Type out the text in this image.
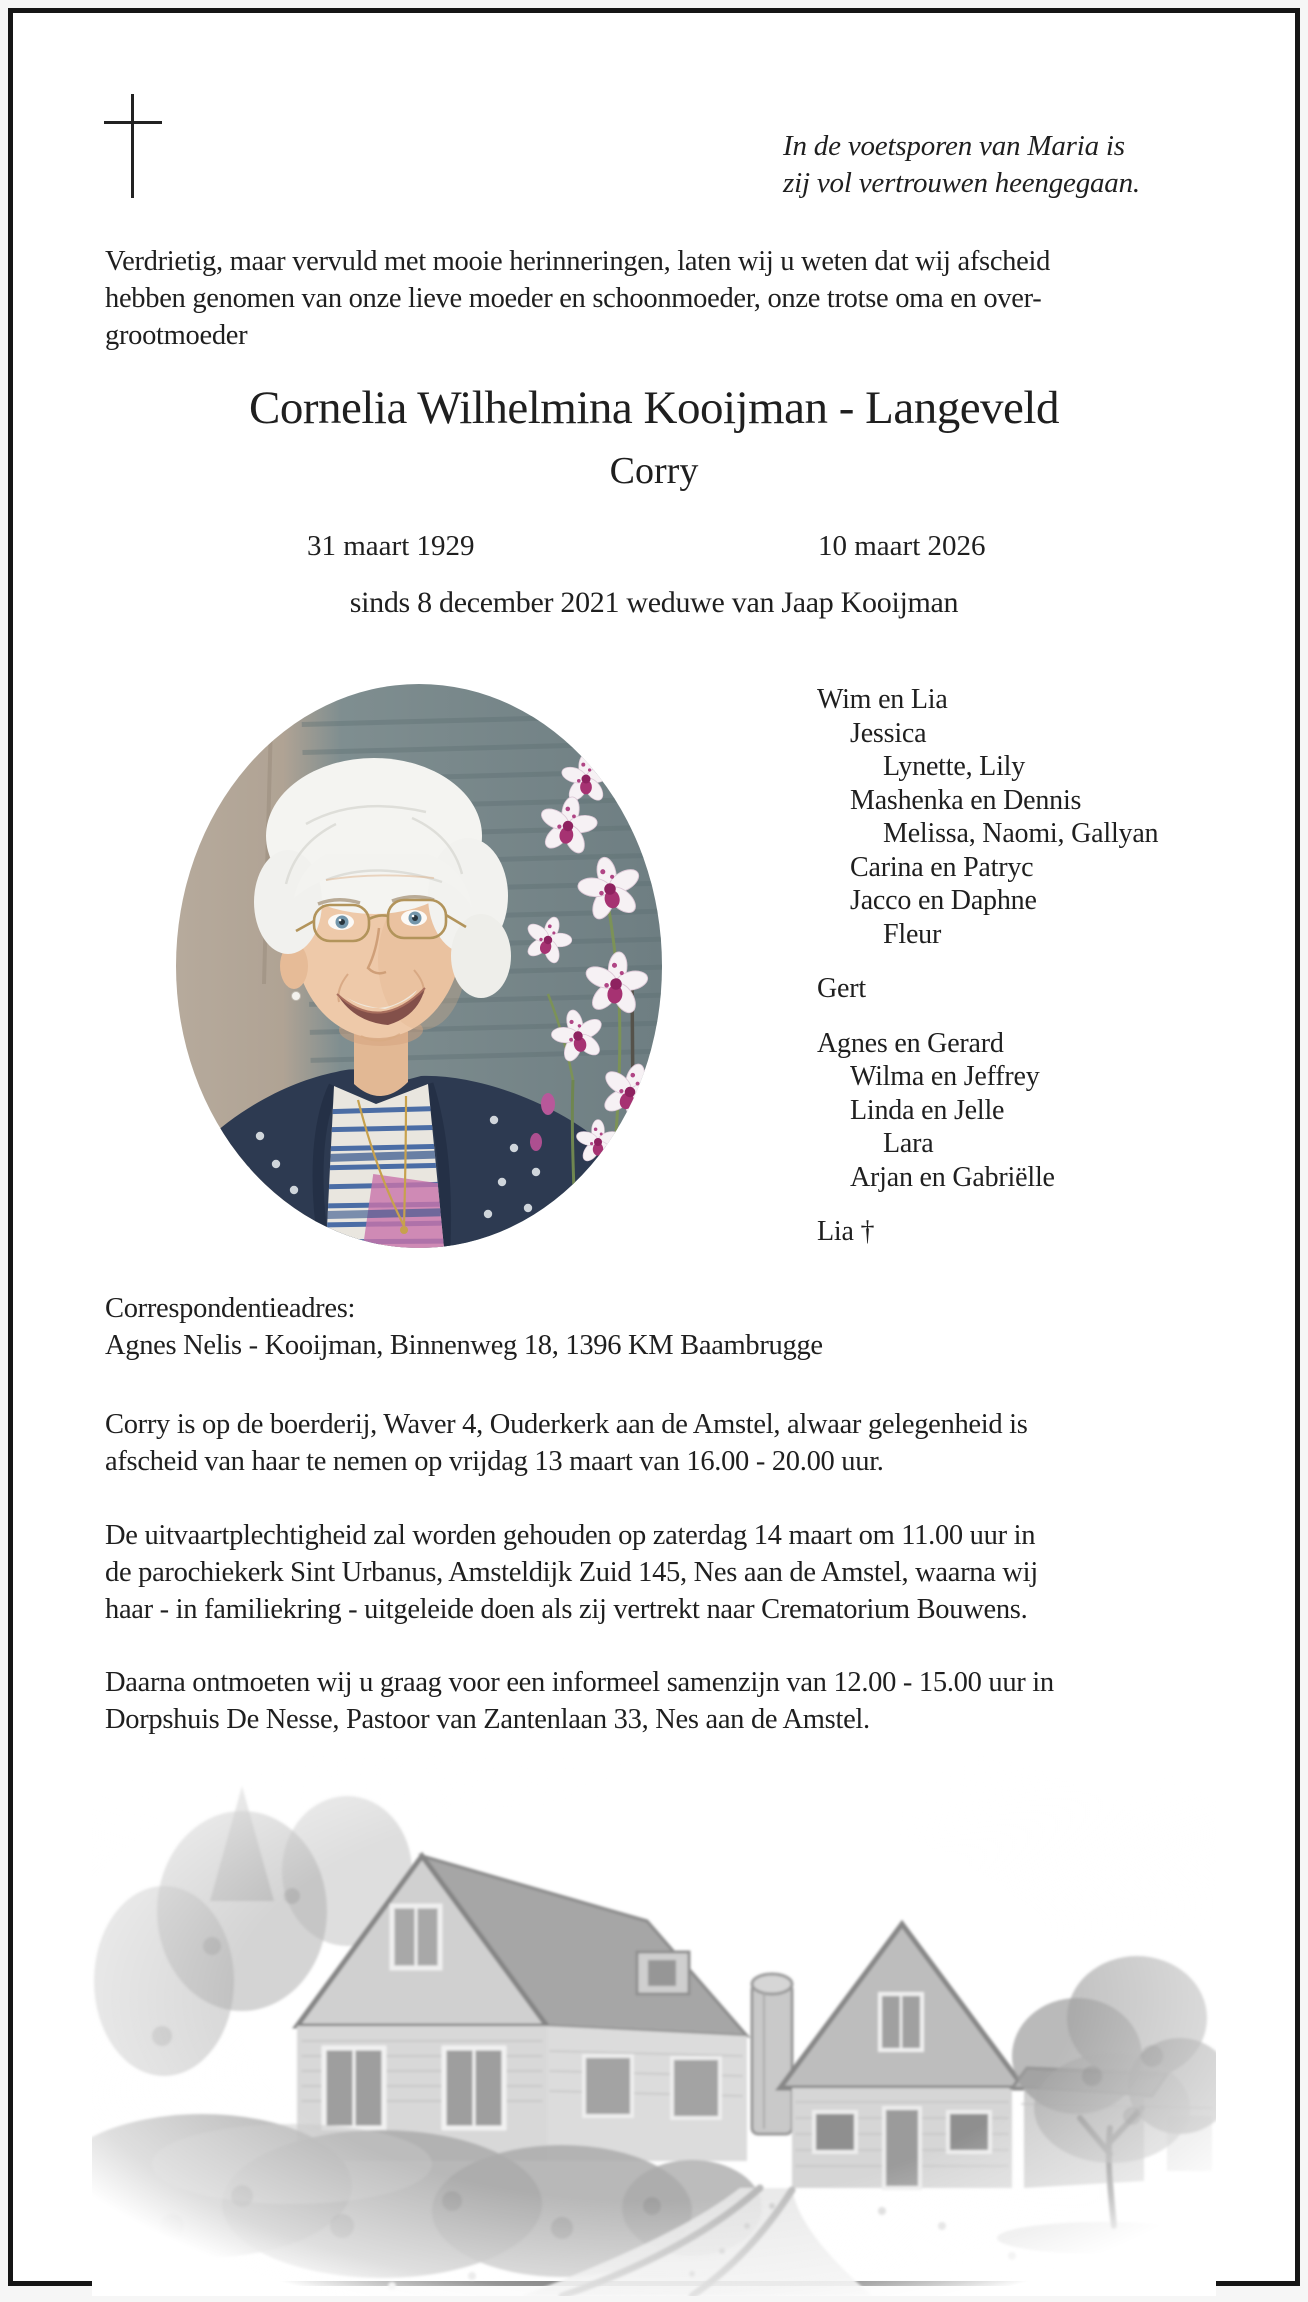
In de voetsporen van Maria is
zij vol vertrouwen heengegaan.
Verdrietig, maar vervuld met mooie herinneringen, laten wij u weten dat wij afscheid
hebben genomen van onze lieve moeder en schoonmoeder, onze trotse oma en over-
grootmoeder
Cornelia Wilhelmina Kooijman - Langeveld
Corry
31 maart 1929	10 maart 2026
sinds 8 december 2021 weduwe van Jaap Kooijman
Wim en Lia
Jessica
Lynette, Lily
Mashenka en Dennis
Melissa, Naomi, Gallyan
Carina en Patryc
Jacco en Daphne
Fleur
Gert
Agnes en Gerard
Wilma en Jeffrey
Linda en Jelle
Lara
Arjan en Gabriëlle
Lia †
Correspondentieadres:
Agnes Nelis - Kooijman, Binnenweg 18, 1396 KM Baambrugge
Corry is op de boerderij, Waver 4, Ouderkerk aan de Amstel, alwaar gelegenheid is
afscheid van haar te nemen op vrijdag 13 maart van 16.00 - 20.00 uur.
De uitvaartplechtigheid zal worden gehouden op zaterdag 14 maart om 11.00 uur in
de parochiekerk Sint Urbanus, Amsteldijk Zuid 145, Nes aan de Amstel, waarna wij
haar - in familiekring - uitgeleide doen als zij vertrekt naar Crematorium Bouwens.
Daarna ontmoeten wij u graag voor een informeel samenzijn van 12.00 - 15.00 uur in
Dorpshuis De Nesse, Pastoor van Zantenlaan 33, Nes aan de Amstel.
